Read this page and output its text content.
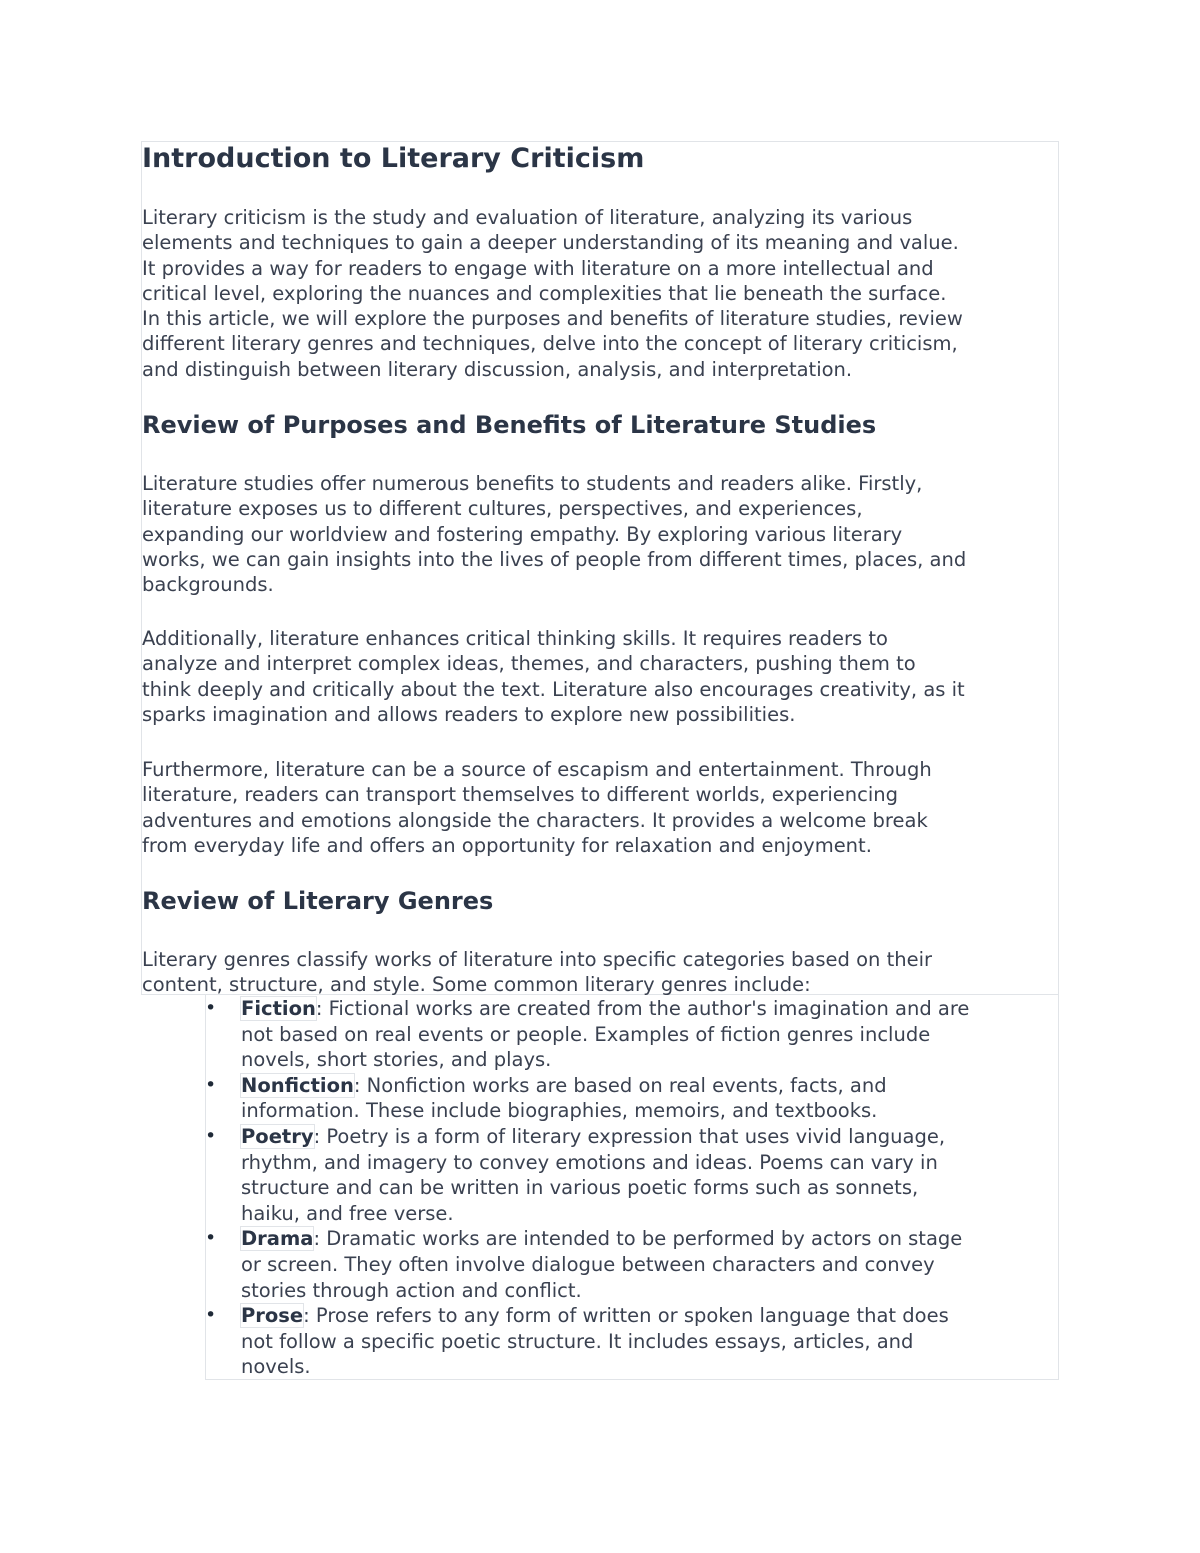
Introduction to Literary Criticism

Literary criticism is the study and evaluation of literature, analyzing its various
elements and techniques to gain a deeper understanding of its meaning and value.
It provides a way for readers to engage with literature on a more intellectual and
critical level, exploring the nuances and complexities that lie beneath the surface.
In this article, we will explore the purposes and benefits of literature studies, review
different literary genres and techniques, delve into the concept of literary criticism,
and distinguish between literary discussion, analysis, and interpretation.

Review of Purposes and Benefits of Literature Studies

Literature studies offer numerous benefits to students and readers alike. Firstly,
literature exposes us to different cultures, perspectives, and experiences,
expanding our worldview and fostering empathy. By exploring various literary
works, we can gain insights into the lives of people from different times, places, and
backgrounds.

Additionally, literature enhances critical thinking skills. It requires readers to
analyze and interpret complex ideas, themes, and characters, pushing them to
think deeply and critically about the text. Literature also encourages creativity, as it
sparks imagination and allows readers to explore new possibilities.

Furthermore, literature can be a source of escapism and entertainment. Through
literature, readers can transport themselves to different worlds, experiencing
adventures and emotions alongside the characters. It provides a welcome break
from everyday life and offers an opportunity for relaxation and enjoyment.

Review of Literary Genres

Literary genres classify works of literature into specific categories based on their
content, structure, and style. Some common literary genres include:

• Fiction: Fictional works are created from the author's imagination and are
not based on real events or people. Examples of fiction genres include
novels, short stories, and plays.
• Nonfiction: Nonfiction works are based on real events, facts, and
information. These include biographies, memoirs, and textbooks.
• Poetry: Poetry is a form of literary expression that uses vivid language,
rhythm, and imagery to convey emotions and ideas. Poems can vary in
structure and can be written in various poetic forms such as sonnets,
haiku, and free verse.
• Drama: Dramatic works are intended to be performed by actors on stage
or screen. They often involve dialogue between characters and convey
stories through action and conflict.
• Prose: Prose refers to any form of written or spoken language that does
not follow a specific poetic structure. It includes essays, articles, and
novels.
